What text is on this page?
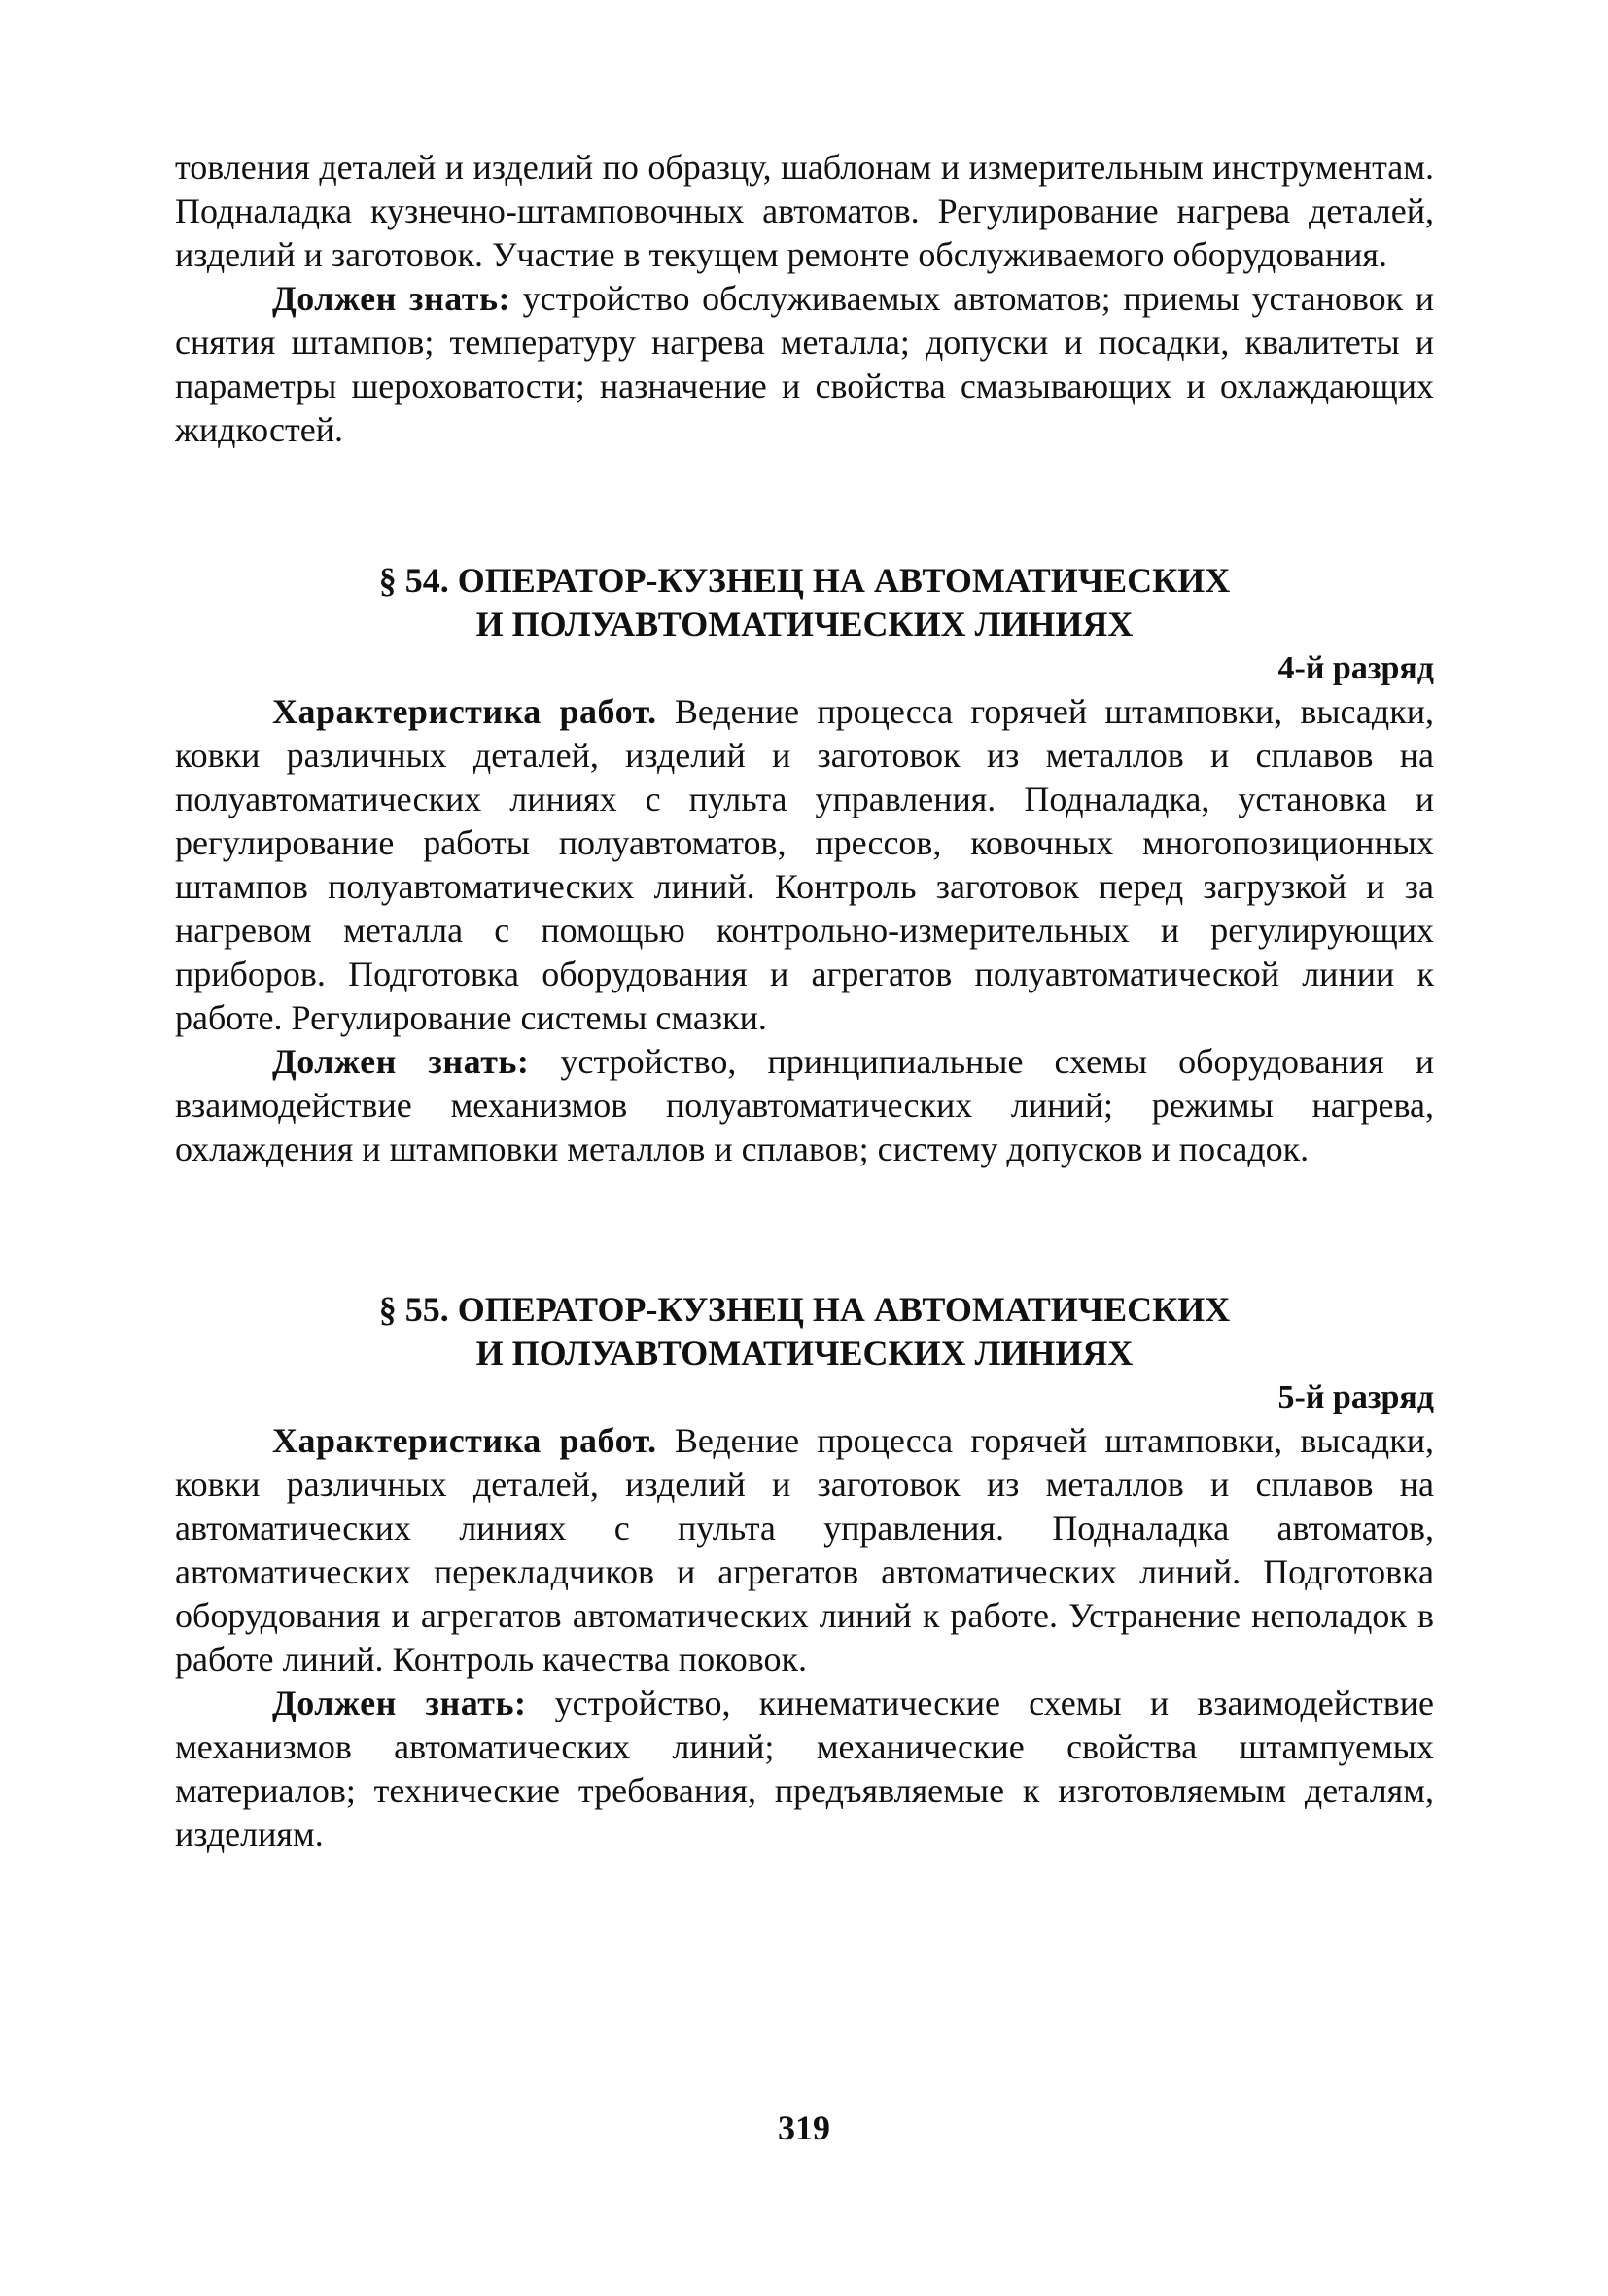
товления деталей и изделий по образцу, шаблонам и измерительным инструментам. Подналадка кузнечно-штамповочных автоматов. Регулирование нагрева деталей, изделий и заготовок. Участие в текущем ремонте обслуживаемого оборудования.

Должен знать: устройство обслуживаемых автоматов; приемы установок и снятия штампов; температуру нагрева металла; допуски и посадки, квалитеты и параметры шероховатости; назначение и свойства смазывающих и охлаждающих жидкостей.

§ 54. ОПЕРАТОР-КУЗНЕЦ НА АВТОМАТИЧЕСКИХ
И ПОЛУАВТОМАТИЧЕСКИХ ЛИНИЯХ
4-й разряд

Характеристика работ. Ведение процесса горячей штамповки, высадки, ковки различных деталей, изделий и заготовок из металлов и сплавов на полуавтоматических линиях с пульта управления. Подналадка, установка и регулирование работы полуавтоматов, прессов, ковочных многопозиционных штампов полуавтоматических линий. Контроль заготовок перед загрузкой и за нагревом металла с помощью контрольно-измерительных и регулирующих приборов. Подготовка оборудования и агрегатов полуавтоматической линии к работе. Регулирование системы смазки.

Должен знать: устройство, принципиальные схемы оборудования и взаимодействие механизмов полуавтоматических линий; режимы нагрева, охлаждения и штамповки металлов и сплавов; систему допусков и посадок.

§ 55. ОПЕРАТОР-КУЗНЕЦ НА АВТОМАТИЧЕСКИХ
И ПОЛУАВТОМАТИЧЕСКИХ ЛИНИЯХ
5-й разряд

Характеристика работ. Ведение процесса горячей штамповки, высадки, ковки различных деталей, изделий и заготовок из металлов и сплавов на автоматических линиях с пульта управления. Подналадка автоматов, автоматических перекладчиков и агрегатов автоматических линий. Подготовка оборудования и агрегатов автоматических линий к работе. Устранение неполадок в работе линий. Контроль качества поковок.

Должен знать: устройство, кинематические схемы и взаимодействие механизмов автоматических линий; механические свойства штампуемых материалов; технические требования, предъявляемые к изготовляемым деталям, изделиям.

319
